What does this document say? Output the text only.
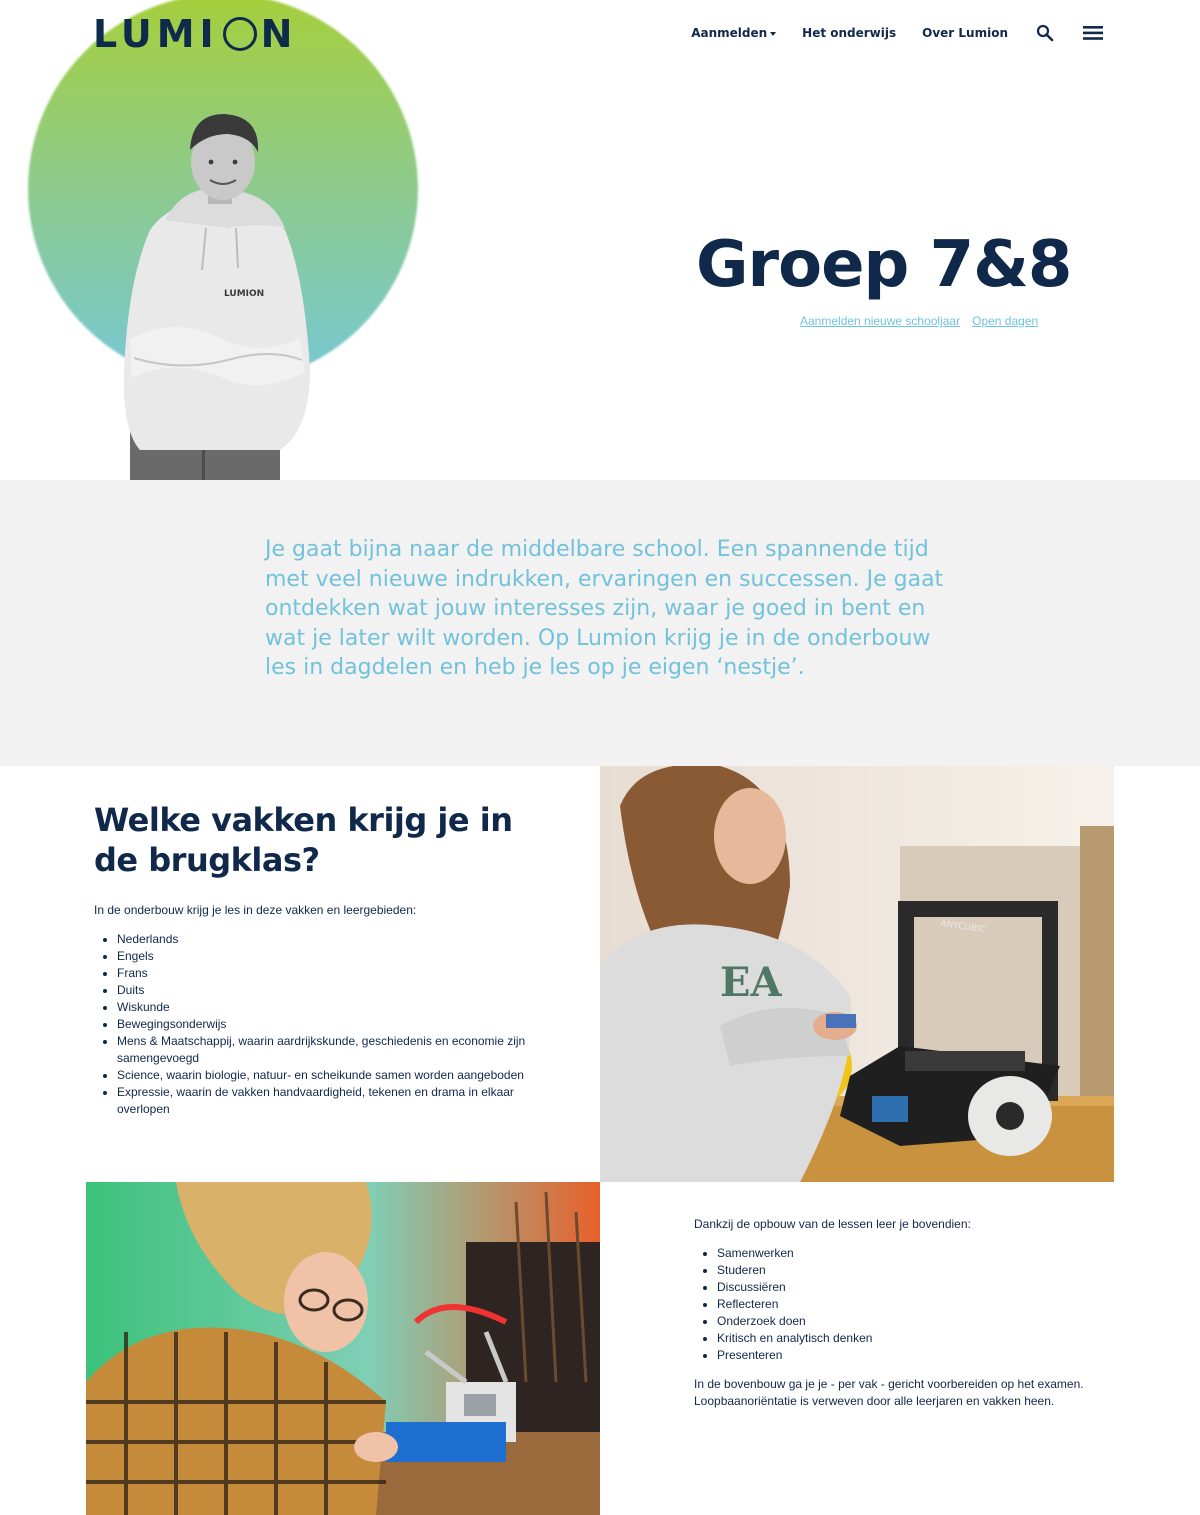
LUMION
LUMI N	Aanmelden	Het onderwijs Over Lumion
Groep 7&8
Aanmelden nieuwe schooljaar Open dagen

Je gaat bijna naar de middelbare school. Een spannende tijd met veel nieuwe indrukken, ervaringen en successen. Je gaat ontdekken wat jouw interesses zijn, waar je goed in bent en wat je later wilt worden. Op Lumion krijg je in de onderbouw les in dagdelen en heb je les op je eigen ‘nestje’.

Welke vakken krijg je in de brugklas?

In de onderbouw krijg je les in deze vakken en leergebieden:

• Nederlands
• Engels
• Frans
• Duits
• Wiskunde
• Bewegingsonderwijs
• Mens & Maatschappij, waarin aardrijkskunde, geschiedenis en economie zijn samengevoegd
• Science, waarin biologie, natuur- en scheikunde samen worden aangeboden
• Expressie, waarin de vakken handvaardigheid, tekenen en drama in elkaar overlopen
ANYCUBIC
EA

Dankzij de opbouw van de lessen leer je bovendien:

• Samenwerken
• Studeren
• Discussiëren
• Reflecteren
• Onderzoek doen
• Kritisch en analytisch denken
• Presenteren

In de bovenbouw ga je je - per vak - gericht voorbereiden op het examen. Loopbaanoriëntatie is verweven door alle leerjaren en vakken heen.
